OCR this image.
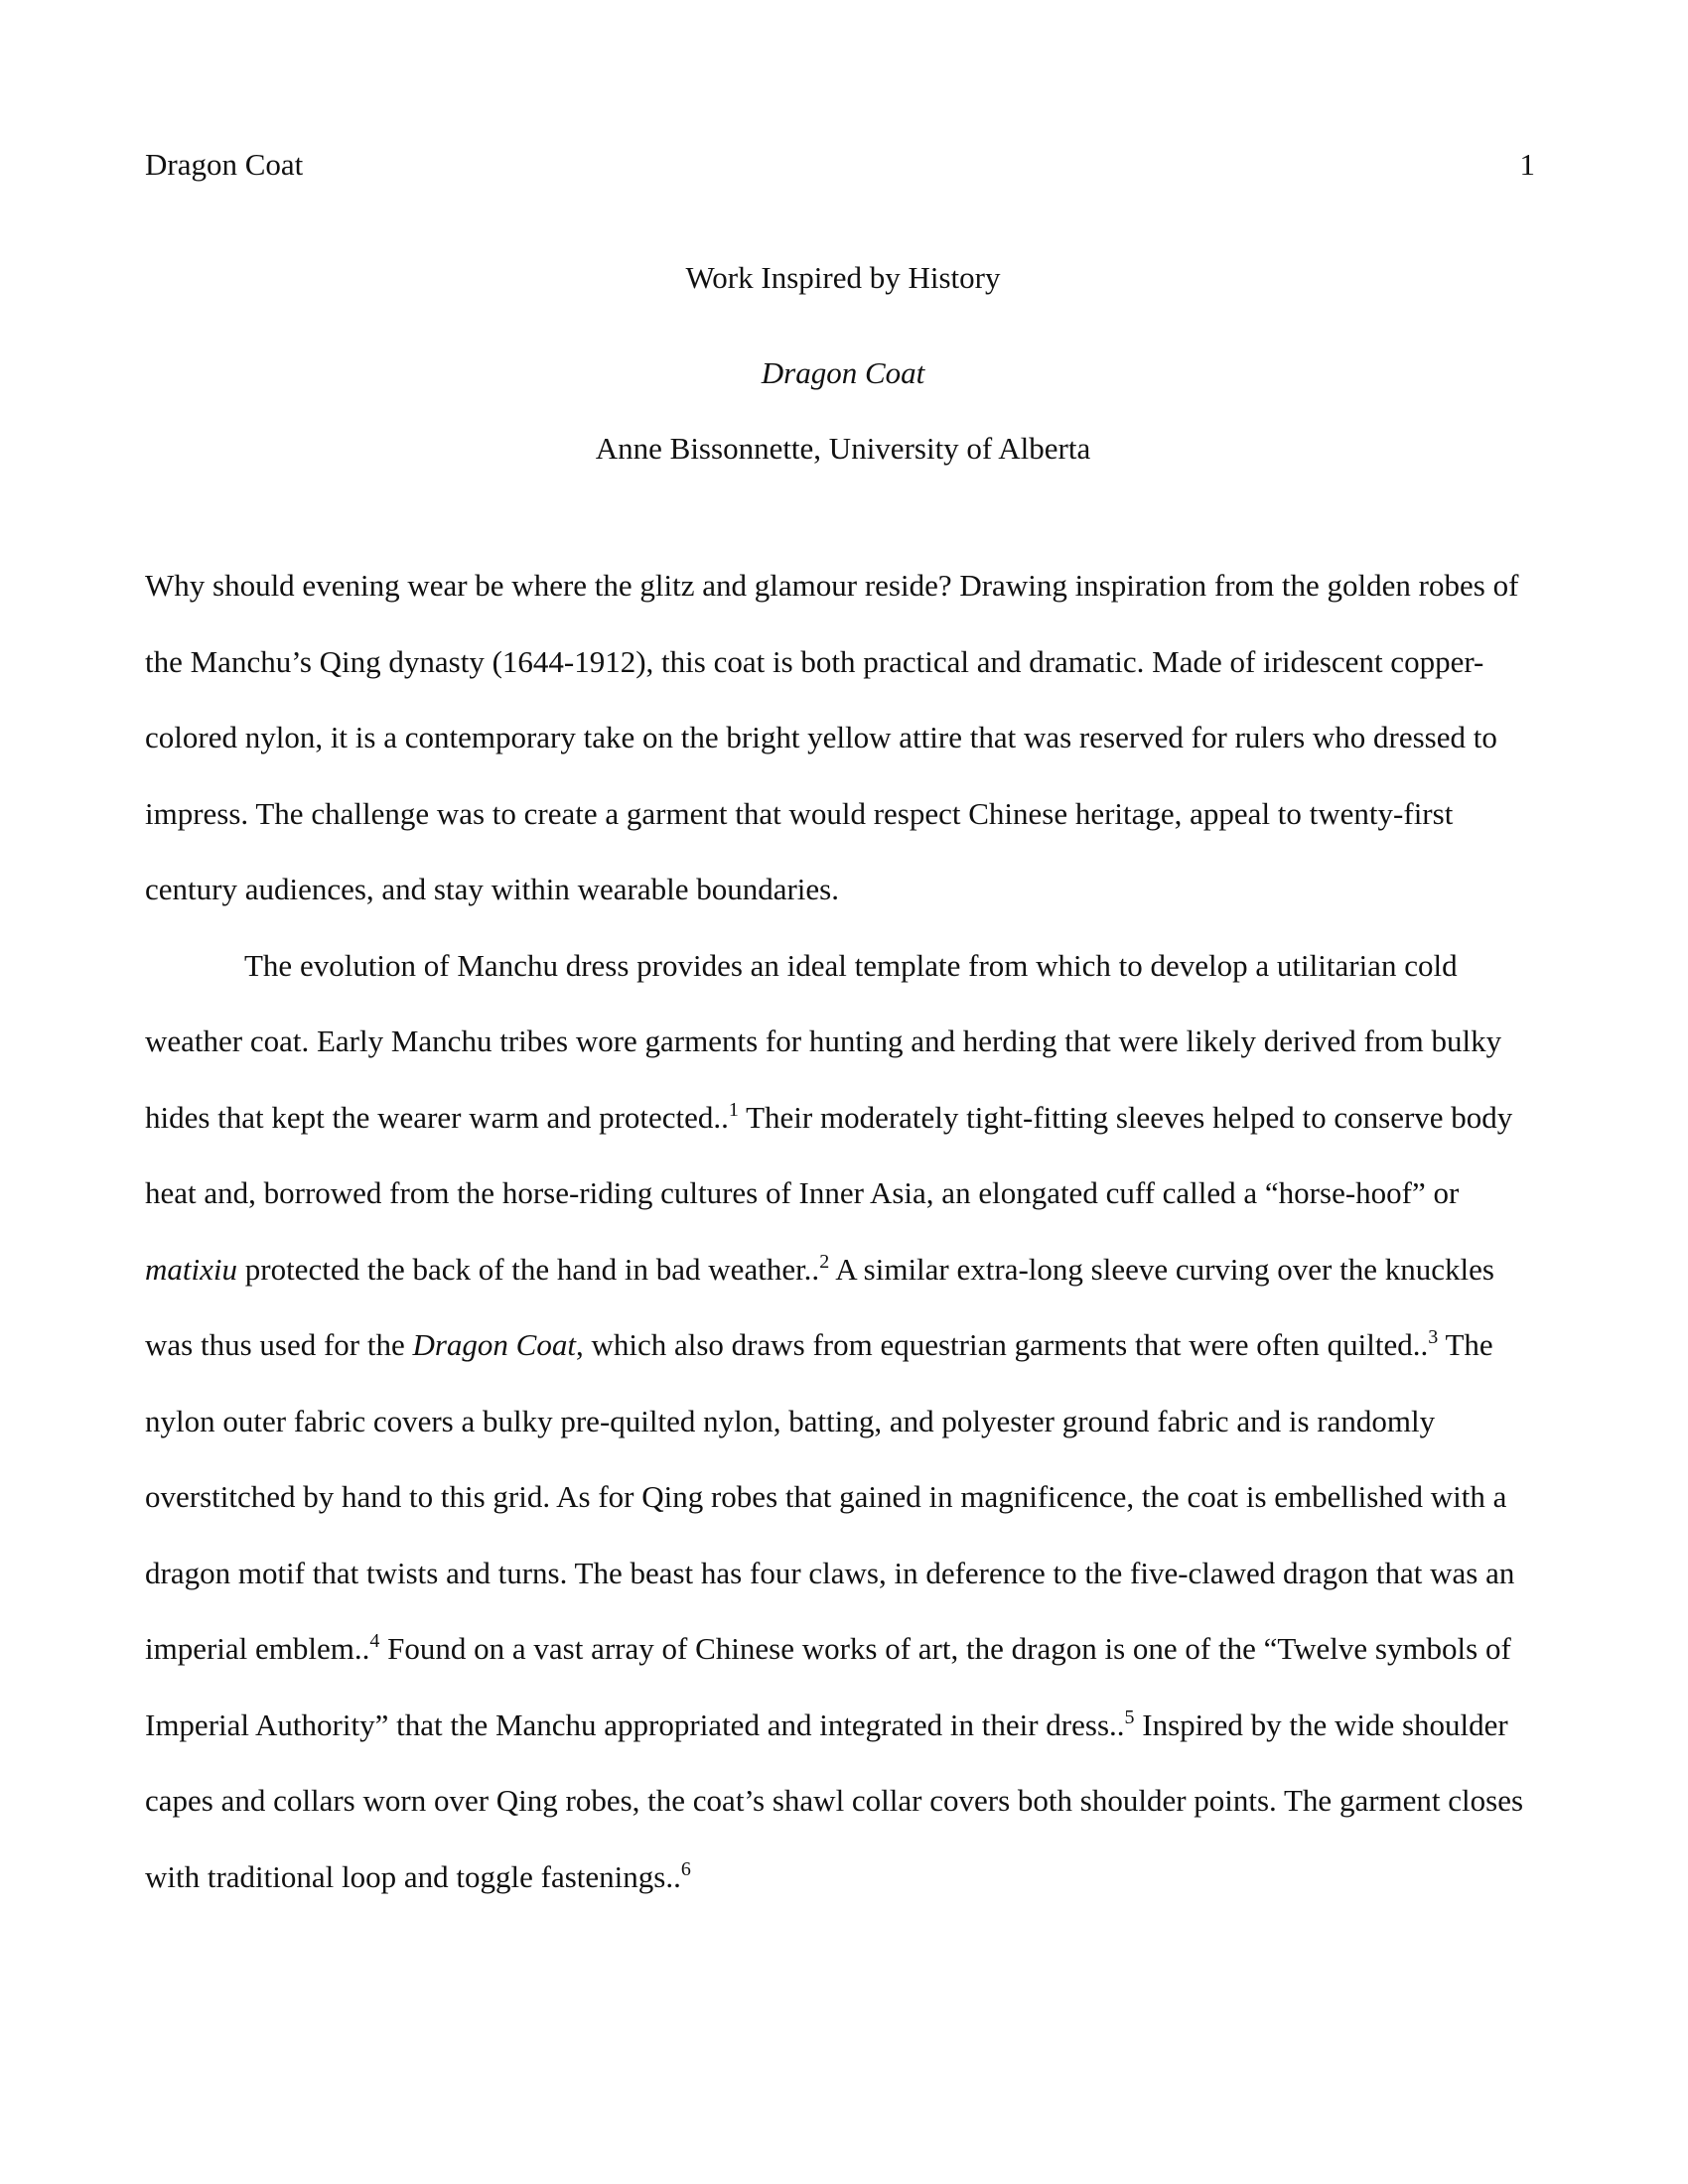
Dragon Coat	1
Work Inspired by History
Dragon Coat
Anne Bissonnette, University of Alberta

Why should evening wear be where the glitz and glamour reside? Drawing inspiration from the golden robes of the Manchu’s Qing dynasty (1644-1912), this coat is both practical and dramatic. Made of iridescent copper-colored nylon, it is a contemporary take on the bright yellow attire that was reserved for rulers who dressed to impress. The challenge was to create a garment that would respect Chinese heritage, appeal to twenty-first century audiences, and stay within wearable boundaries.

The evolution of Manchu dress provides an ideal template from which to develop a utilitarian cold weather coat. Early Manchu tribes wore garments for hunting and herding that were likely derived from bulky hides that kept the wearer warm and protected..$^1$ Their moderately tight-fitting sleeves helped to conserve body heat and, borrowed from the horse-riding cultures of Inner Asia, an elongated cuff called a “horse-hoof” or matixiu protected the back of the hand in bad weather..$^2$ A similar extra-long sleeve curving over the knuckles was thus used for the Dragon Coat, which also draws from equestrian garments that were often quilted..$^3$ The nylon outer fabric covers a bulky pre-quilted nylon, batting, and polyester ground fabric and is randomly overstitched by hand to this grid. As for Qing robes that gained in magnificence, the coat is embellished with a dragon motif that twists and turns. The beast has four claws, in deference to the five-clawed dragon that was an imperial emblem..$^4$ Found on a vast array of Chinese works of art, the dragon is one of the “Twelve symbols of Imperial Authority” that the Manchu appropriated and integrated in their dress..$^5$ Inspired by the wide shoulder capes and collars worn over Qing robes, the coat’s shawl collar covers both shoulder points. The garment closes with traditional loop and toggle fastenings..$^6$
